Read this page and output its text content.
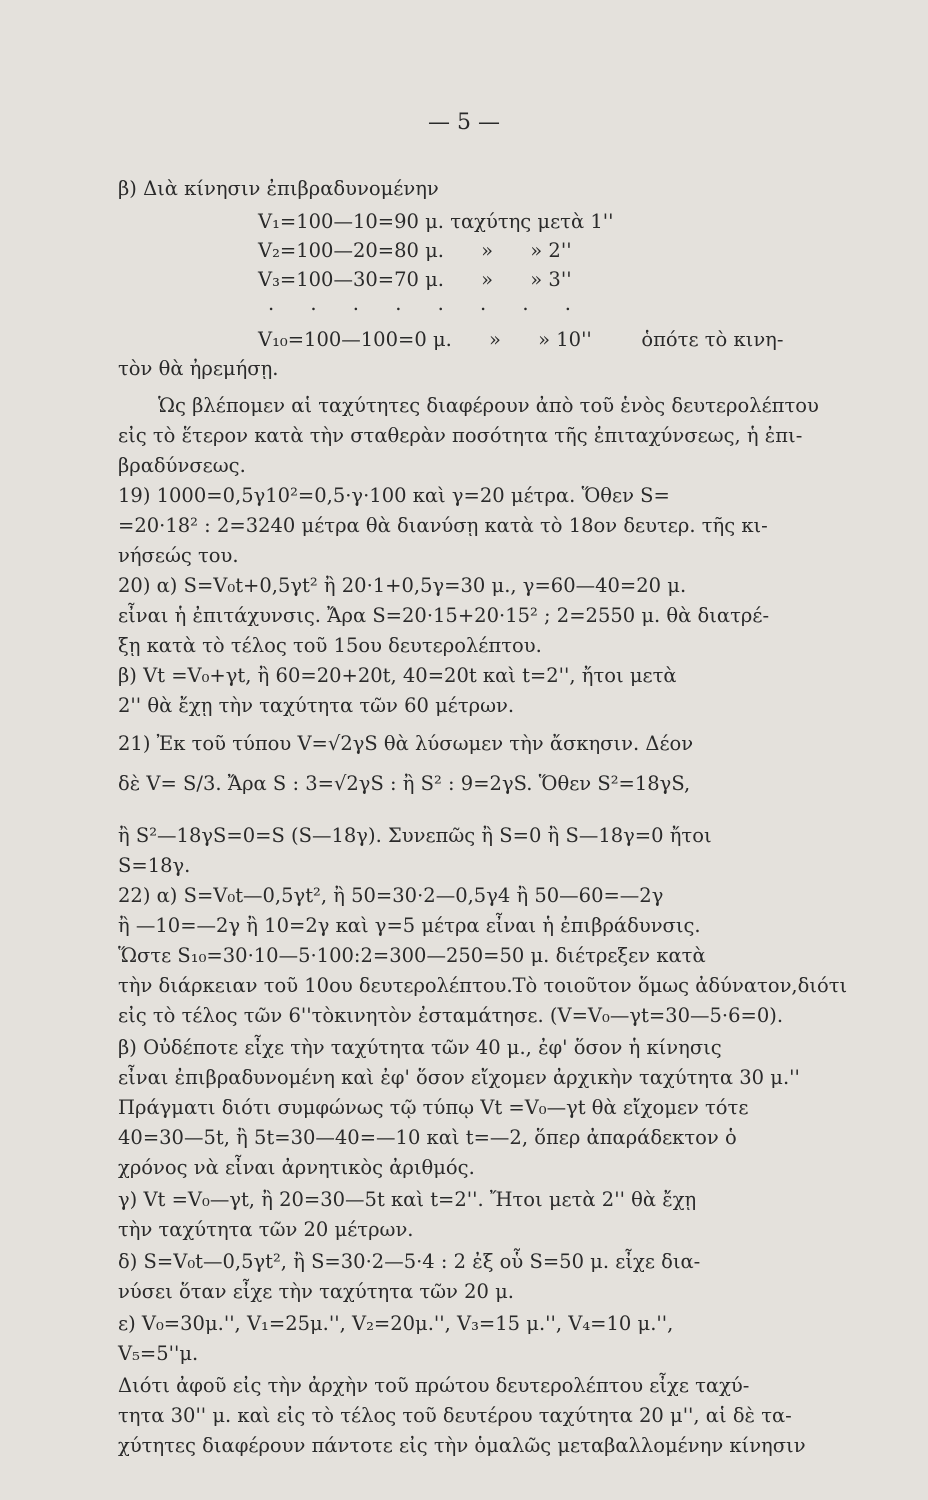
— 5 —
β) Διὰ κίνησιν ἐπιβραδυνομένην
V₁=100—10=90 μ. ταχύτης μετὰ 1''
V₂=100—20=80 μ.      »      » 2''
V₃=100—30=70 μ.      »      » 3''
. . . . . . . .
V₁₀=100—100=0 μ.      »      » 10''        ὁπότε τὸ κινη-
τὸν θὰ ἠρεμήσῃ.
Ὡς βλέπομεν αἱ ταχύτητες διαφέρουν ἀπὸ τοῦ ἑνὸς δευτερολέπτου
εἰς τὸ ἕτερον κατὰ τὴν σταθερὰν ποσότητα τῆς ἐπιταχύνσεως, ἡ ἐπι-
βραδύνσεως.
19) 1000=0,5γ10²=0,5·γ·100 καὶ γ=20 μέτρα. Ὅθεν S=
=20·18² : 2=3240 μέτρα θὰ διανύσῃ κατὰ τὸ 18ον δευτερ. τῆς κι-
νήσεώς του.
20) α) S=V₀t+0,5γt² ἢ 20·1+0,5γ=30 μ., γ=60—40=20 μ.
εἶναι ἡ ἐπιτάχυνσις. Ἄρα S=20·15+20·15² ; 2=2550 μ. θὰ διατρέ-
ξῃ κατὰ τὸ τέλος τοῦ 15ου δευτερολέπτου.
β) Vt =V₀+γt, ἢ 60=20+20t, 40=20t καὶ t=2'', ἤτοι μετὰ
2'' θὰ ἔχῃ τὴν ταχύτητα τῶν 60 μέτρων.
21) Ἐκ τοῦ τύπου V=√2γS θὰ λύσωμεν τὴν ἄσκησιν. Δέον
δὲ V= S/3. Ἄρα S : 3=√2γS : ἢ S² : 9=2γS. Ὅθεν S²=18γS,
ἢ S²—18γS=0=S (S—18γ). Συνεπῶς ἢ S=0 ἢ S—18γ=0 ἤτοι
S=18γ.
22) α) S=V₀t—0,5γt², ἢ 50=30·2—0,5γ4 ἢ 50—60=—2γ
ἢ —10=—2γ ἢ 10=2γ καὶ γ=5 μέτρα εἶναι ἡ ἐπιβράδυνσις.
Ὥστε S₁₀=30·10—5·100:2=300—250=50 μ. διέτρεξεν κατὰ
τὴν διάρκειαν τοῦ 10ου δευτερολέπτου.Τὸ τοιοῦτον ὅμως ἀδύνατον,διότι
εἰς τὸ τέλος τῶν 6''τὸκινητὸν ἐσταμάτησε. (V=V₀—γt=30—5·6=0).
β) Οὐδέποτε εἶχε τὴν ταχύτητα τῶν 40 μ., ἐφ' ὅσον ἡ κίνησις
εἶναι ἐπιβραδυνομένη καὶ ἐφ' ὅσον εἴχομεν ἀρχικὴν ταχύτητα 30 μ.''
Πράγματι διότι συμφώνως τῷ τύπῳ Vt =V₀—γt θὰ εἴχομεν τότε
40=30—5t, ἢ 5t=30—40=—10 καὶ t=—2, ὅπερ ἀπαράδεκτον ὁ
χρόνος νὰ εἶναι ἀρνητικὸς ἀριθμός.
γ) Vt =V₀—γt, ἢ 20=30—5t καὶ t=2''. Ἤτοι μετὰ 2'' θὰ ἔχῃ
τὴν ταχύτητα τῶν 20 μέτρων.
δ) S=V₀t—0,5γt², ἢ S=30·2—5·4 : 2 ἐξ οὗ S=50 μ. εἶχε δια-
νύσει ὅταν εἶχε τὴν ταχύτητα τῶν 20 μ.
ε) V₀=30μ.'', V₁=25μ.'', V₂=20μ.'', V₃=15 μ.'', V₄=10 μ.'',
V₅=5''μ.
Διότι ἀφοῦ εἰς τὴν ἀρχὴν τοῦ πρώτου δευτερολέπτου εἶχε ταχύ-
τητα 30'' μ. καὶ εἰς τὸ τέλος τοῦ δευτέρου ταχύτητα 20 μ'', αἱ δὲ τα-
χύτητες διαφέρουν πάντοτε εἰς τὴν ὁμαλῶς μεταβαλλομένην κίνησιν
